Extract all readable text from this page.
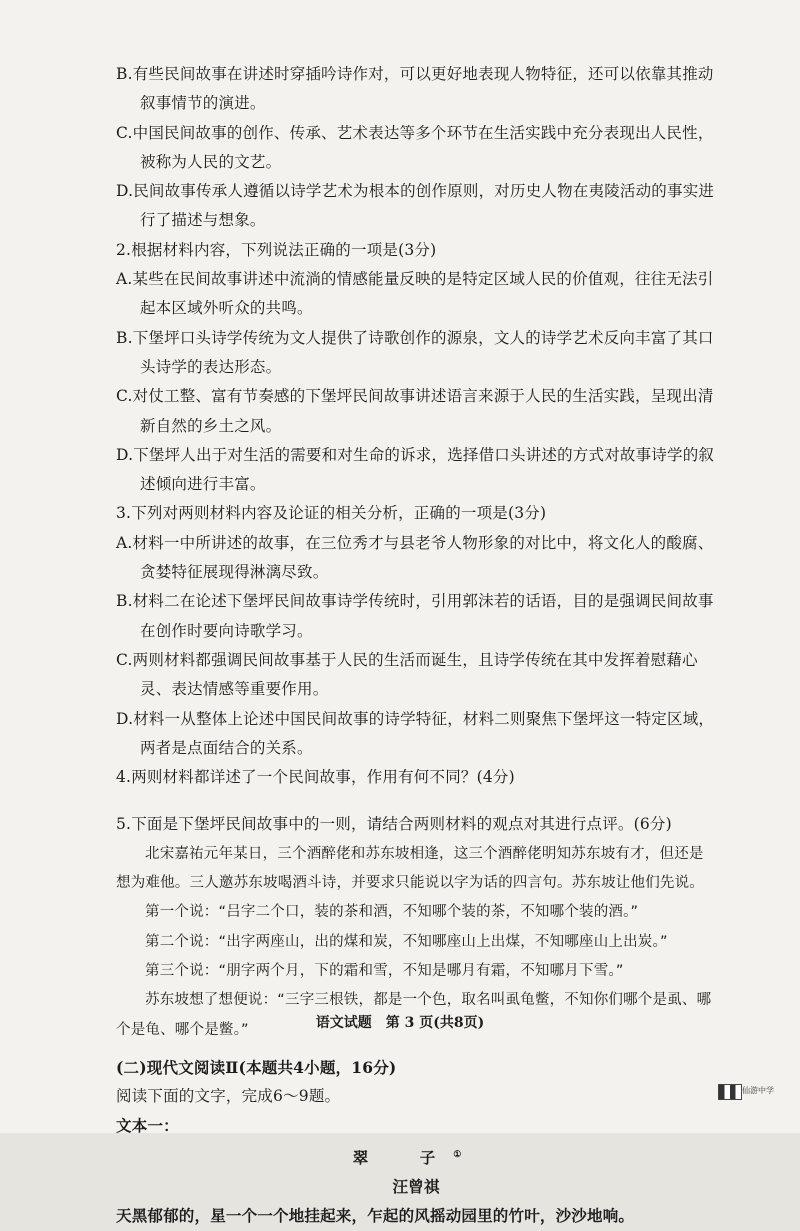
B.有些民间故事在讲述时穿插吟诗作对，可以更好地表现人物特征，还可以依靠其推动叙事情节的演进。
C.中国民间故事的创作、传承、艺术表达等多个环节在生活实践中充分表现出人民性，被称为人民的文艺。
D.民间故事传承人遵循以诗学艺术为根本的创作原则，对历史人物在夷陵活动的事实进行了描述与想象。
2.根据材料内容，下列说法正确的一项是(3分)
A.某些在民间故事讲述中流淌的情感能量反映的是特定区域人民的价值观，往往无法引起本区域外听众的共鸣。
B.下堡坪口头诗学传统为文人提供了诗歌创作的源泉，文人的诗学艺术反向丰富了其口头诗学的表达形态。
C.对仗工整、富有节奏感的下堡坪民间故事讲述语言来源于人民的生活实践，呈现出清新自然的乡土之风。
D.下堡坪人出于对生活的需要和对生命的诉求，选择借口头讲述的方式对故事诗学的叙述倾向进行丰富。
3.下列对两则材料内容及论证的相关分析，正确的一项是(3分)
A.材料一中所讲述的故事，在三位秀才与县老爷人物形象的对比中，将文化人的酸腐、贪婪特征展现得淋漓尽致。
B.材料二在论述下堡坪民间故事诗学传统时，引用郭沫若的话语，目的是强调民间故事在创作时要向诗歌学习。
C.两则材料都强调民间故事基于人民的生活而诞生，且诗学传统在其中发挥着慰藉心灵、表达情感等重要作用。
D.材料一从整体上论述中国民间故事的诗学特征，材料二则聚焦下堡坪这一特定区域，两者是点面结合的关系。
4.两则材料都详述了一个民间故事，作用有何不同？(4分)
5.下面是下堡坪民间故事中的一则，请结合两则材料的观点对其进行点评。(6分)
北宋嘉祐元年某日，三个酒醉佬和苏东坡相逢，这三个酒醉佬明知苏东坡有才，但还是想为难他。三人邀苏东坡喝酒斗诗，并要求只能说以字为话的四言句。苏东坡让他们先说。
第一个说：“吕字二个口，装的茶和酒，不知哪个装的茶，不知哪个装的酒。”
第二个说：“出字两座山，出的煤和炭，不知哪座山上出煤，不知哪座山上出炭。”
第三个说：“朋字两个月，下的霜和雪，不知是哪月有霜，不知哪月下雪。”
苏东坡想了想便说：“三字三根铁，都是一个色，取名叫虱龟鳖，不知你们哪个是虱、哪个是龟、哪个是鳖。”
(二)现代文阅读Ⅱ(本题共4小题，16分)
阅读下面的文字，完成6～9题。
文本一：
翠　子①
汪曾祺
天黑郁郁的，星一个一个地挂起来，乍起的风摇动园里的竹叶，沙沙地响。
语文试题　第 3 页(共8页)
仙游中学
